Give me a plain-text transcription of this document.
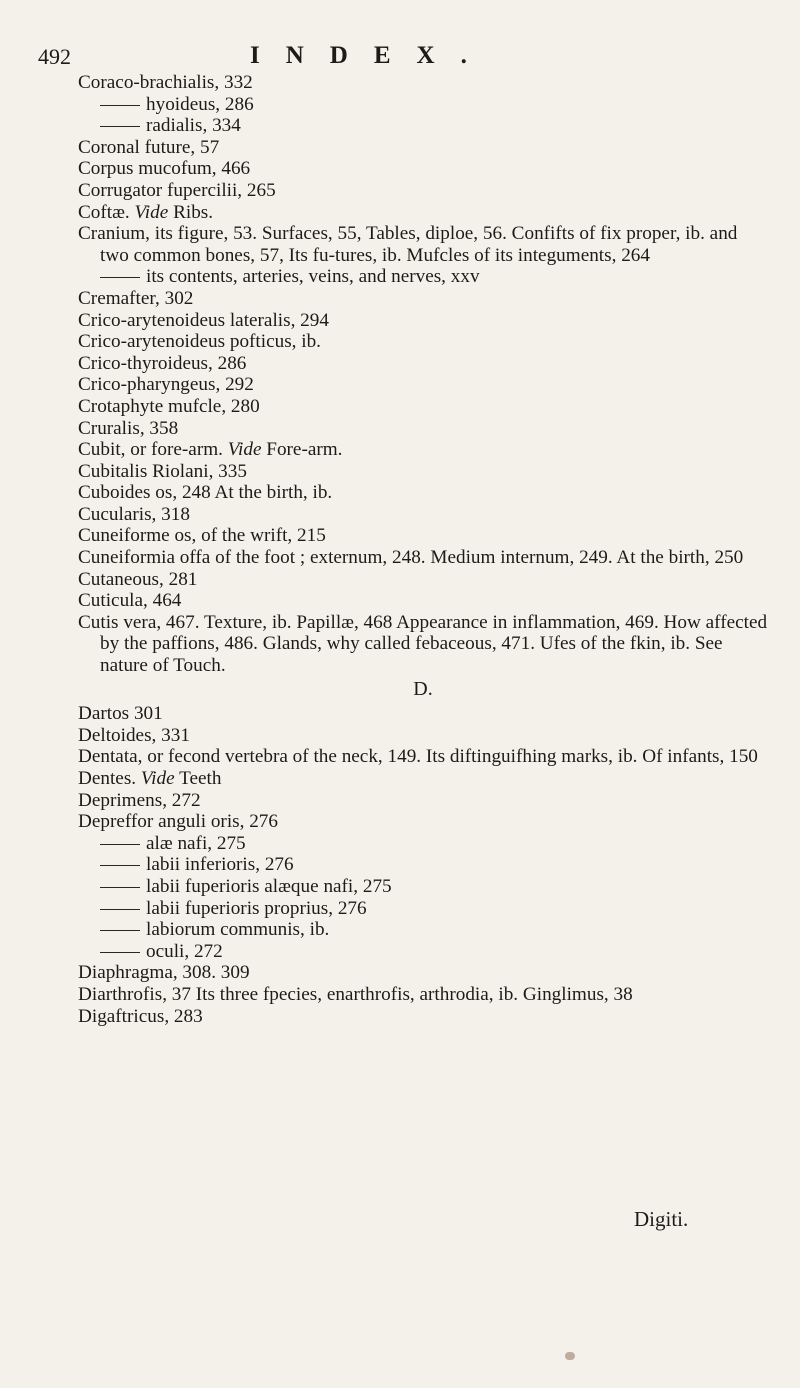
492	INDEX.

Coraco-brachialis, 332

hyoideus, 286

radialis, 334

Coronal future, 57

Corpus mucofum, 466

Corrugator fupercilii, 265

Coftæ. Vide Ribs.

Cranium, its figure, 53. Surfaces, 55, Tables, diploe, 56. Confifts of fix proper, ib. and two common bones, 57, Its fu-tures, ib. Mufcles of its integuments, 264

its contents, arteries, veins, and nerves, xxv

Cremafter, 302

Crico-arytenoideus lateralis, 294

Crico-arytenoideus pofticus, ib.

Crico-thyroideus, 286

Crico-pharyngeus, 292

Crotaphyte mufcle, 280

Cruralis, 358

Cubit, or fore-arm. Vide Fore-arm.

Cubitalis Riolani, 335

Cuboides os, 248 At the birth, ib.

Cucularis, 318

Cuneiforme os, of the wrift, 215

Cuneiformia offa of the foot ; externum, 248. Medium internum, 249. At the birth, 250

Cutaneous, 281

Cuticula, 464

Cutis vera, 467. Texture, ib. Papillæ, 468 Appearance in inflammation, 469. How affected by the paffions, 486. Glands, why called febaceous, 471. Ufes of the fkin, ib. See nature of Touch.

D.

Dartos 301

Deltoides, 331

Dentata, or fecond vertebra of the neck, 149. Its diftinguifhing marks, ib. Of infants, 150

Dentes. Vide Teeth

Deprimens, 272

Depreffor anguli oris, 276

alæ nafi, 275

labii inferioris, 276

labii fuperioris alæque nafi, 275

labii fuperioris proprius, 276

labiorum communis, ib.

oculi, 272

Diaphragma, 308. 309

Diarthrofis, 37 Its three fpecies, enarthrofis, arthrodia, ib. Ginglimus, 38

Digaftricus, 283

Digiti.
